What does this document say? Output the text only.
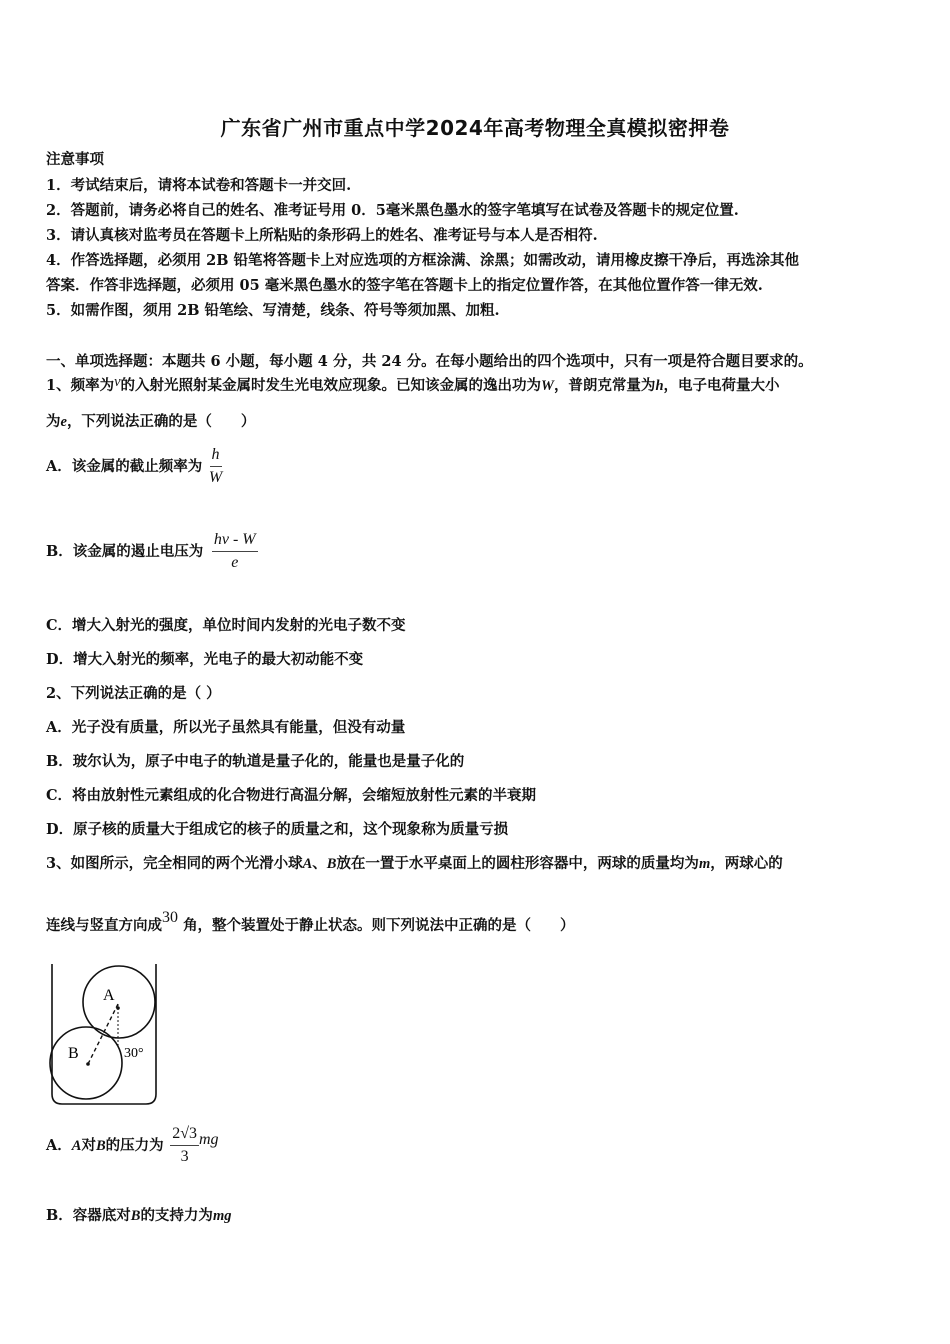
广东省广州市重点中学2024年高考物理全真模拟密押卷
注意事项
1．考试结束后，请将本试卷和答题卡一并交回.
2．答题前，请务必将自己的姓名、准考证号用 0．5毫米黑色墨水的签字笔填写在试卷及答题卡的规定位置.
3．请认真核对监考员在答题卡上所粘贴的条形码上的姓名、准考证号与本人是否相符.
4．作答选择题，必须用 2B 铅笔将答题卡上对应选项的方框涂满、涂黑；如需改动，请用橡皮擦干净后，再选涂其他
答案．作答非选择题，必须用 05 毫米黑色墨水的签字笔在答题卡上的指定位置作答，在其他位置作答一律无效.
5．如需作图，须用 2B 铅笔绘、写清楚，线条、符号等须加黑、加粗.
一、单项选择题：本题共 6 小题，每小题 4 分，共 24 分。在每小题给出的四个选项中，只有一项是符合题目要求的。
1、频率为ν的入射光照射某金属时发生光电效应现象。已知该金属的逸出功为W，普朗克常量为h，电子电荷量大小
为e，下列说法正确的是（　　）
A．该金属的截止频率为 $\frac{h}{W}$
B．该金属的遏止电压为 $\frac{h\nu - W}{e}$
C．增大入射光的强度，单位时间内发射的光电子数不变
D．增大入射光的频率，光电子的最大初动能不变
2、下列说法正确的是（ ）
A．光子没有质量，所以光子虽然具有能量，但没有动量
B．玻尔认为，原子中电子的轨道是量子化的，能量也是量子化的
C．将由放射性元素组成的化合物进行高温分解，会缩短放射性元素的半衰期
D．原子核的质量大于组成它的核子的质量之和，这个现象称为质量亏损
3、如图所示，完全相同的两个光滑小球A、B放在一置于水平桌面上的圆柱形容器中，两球的质量均为m，两球心的
连线与竖直方向成30 角，整个装置处于静止状态。则下列说法中正确的是（　　）
A
B	30°
A．A对B的压力为 $\frac{2√3}{3}$ mg
B．容器底对B的支持力为mg
